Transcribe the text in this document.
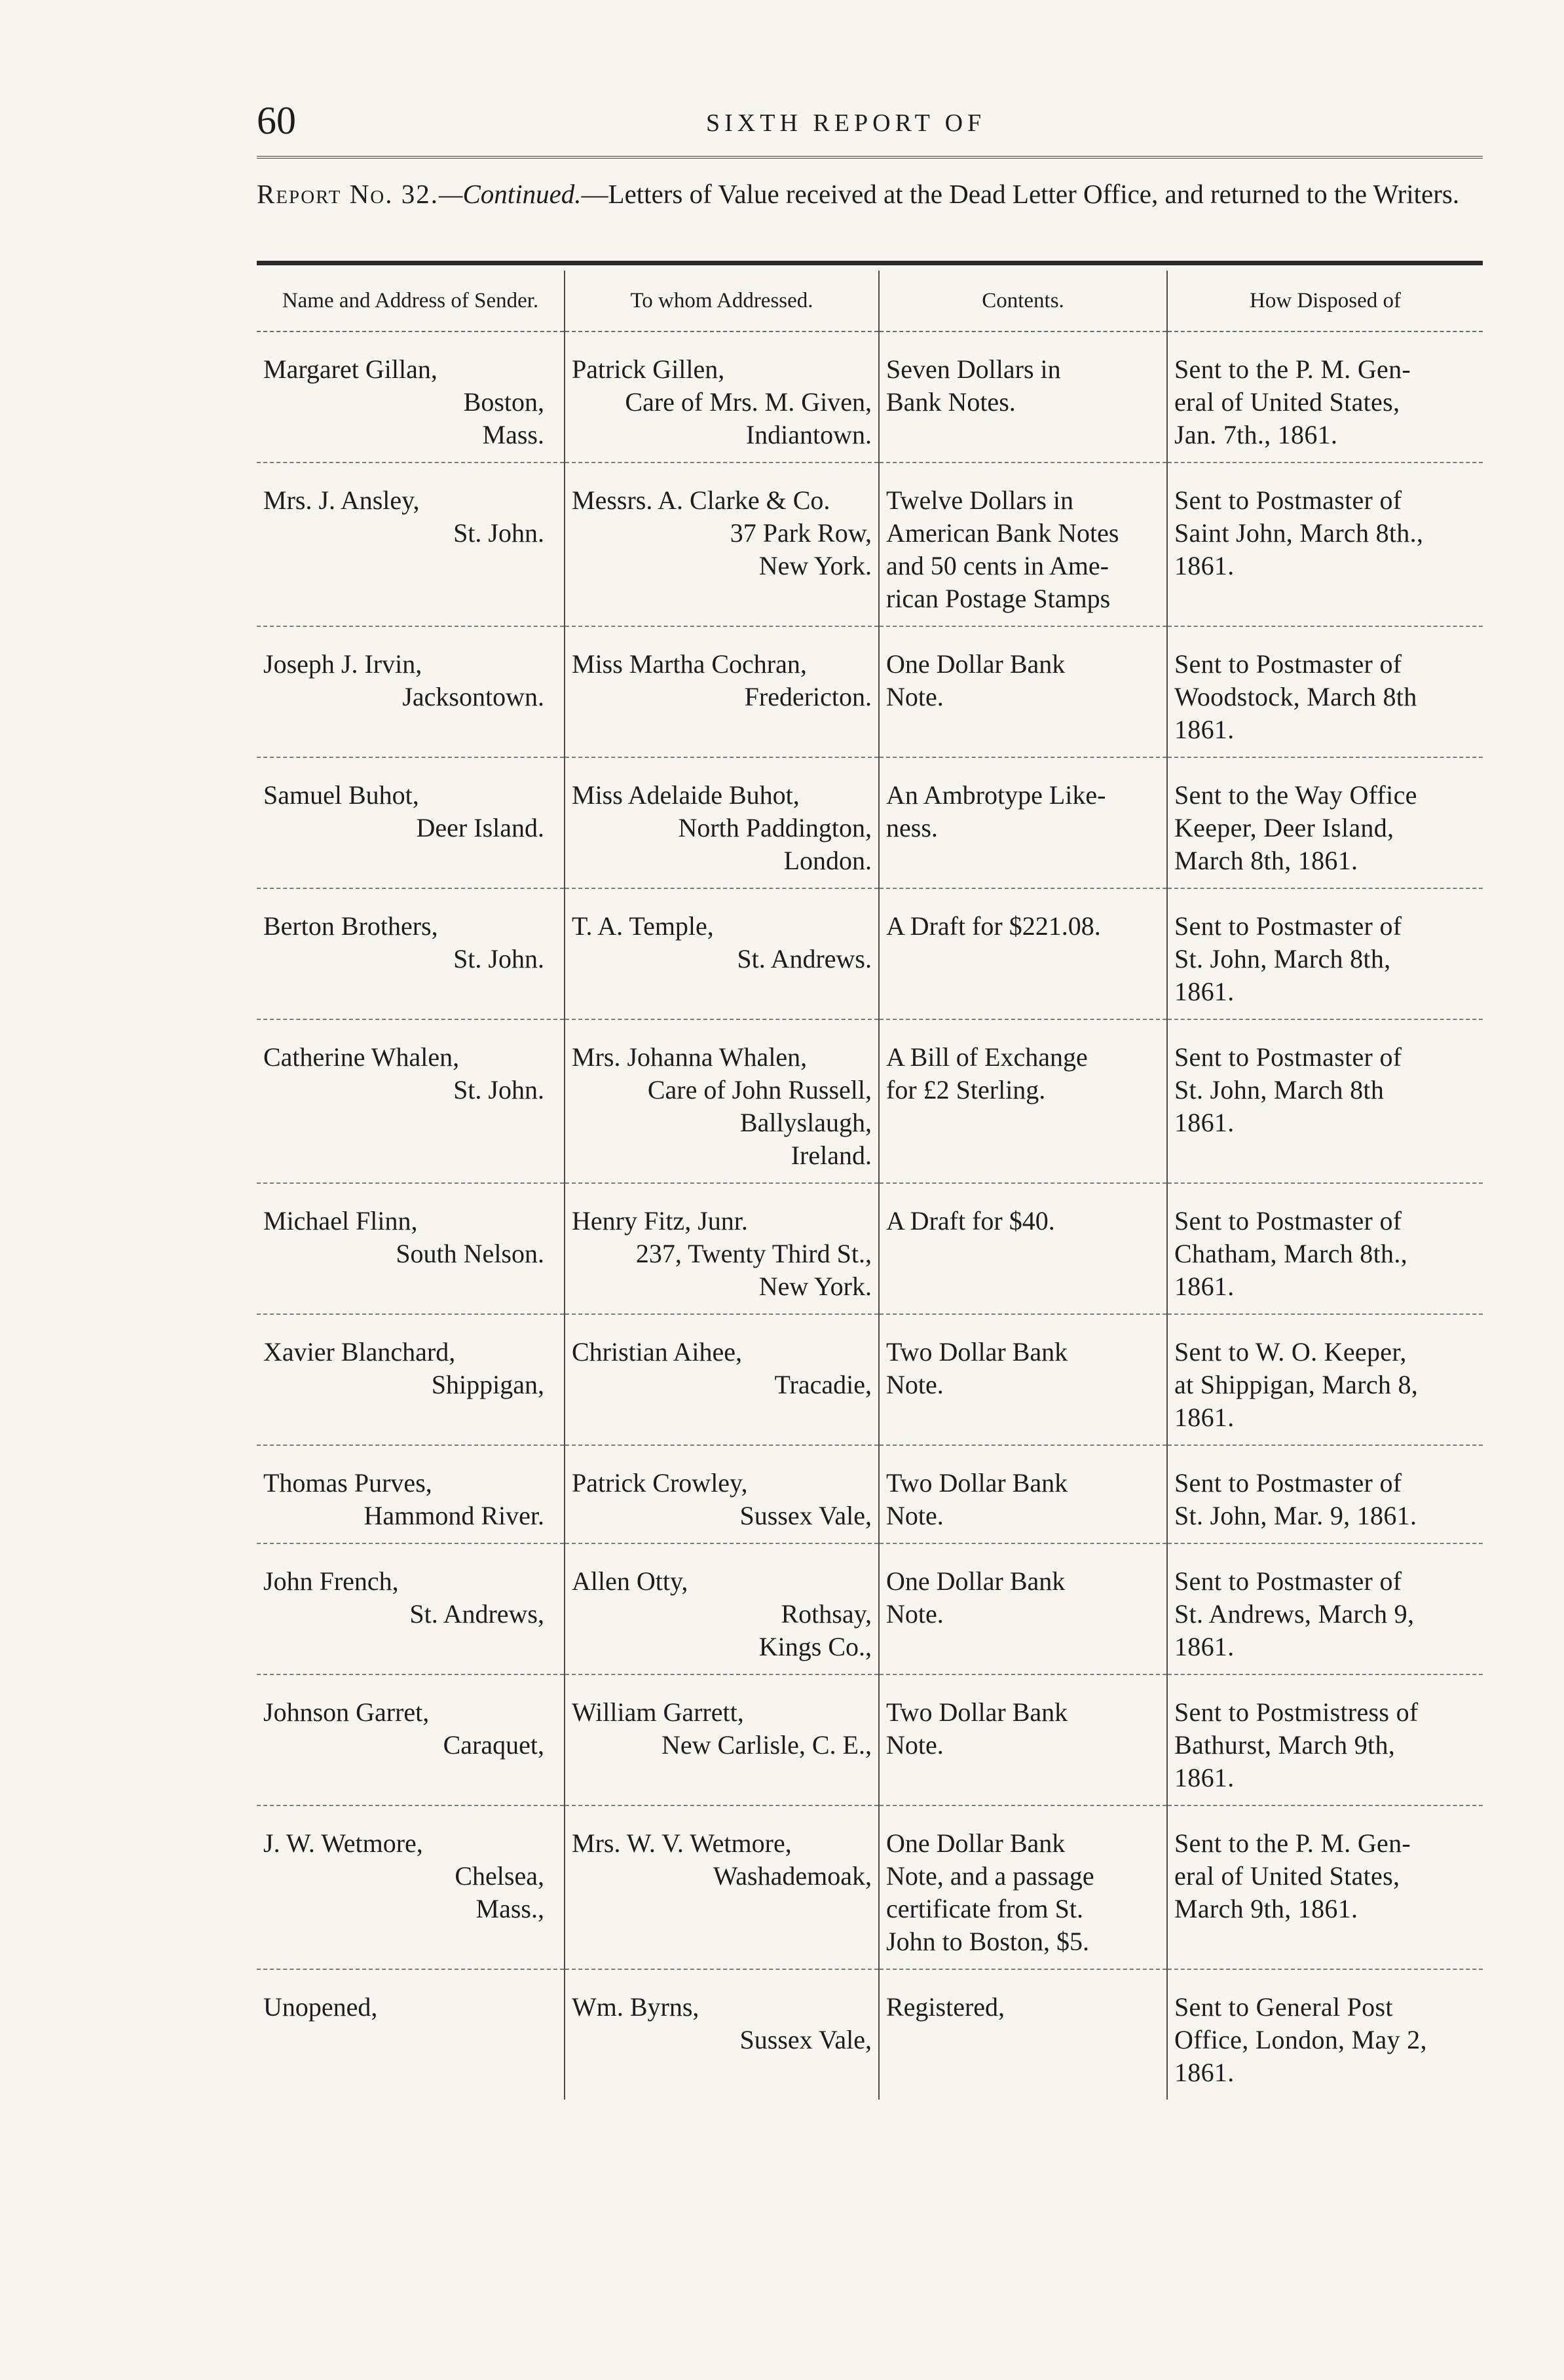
60	SIXTH REPORT OF
Report No. 32.—Continued.—Letters of Value received at the Dead Letter Office, and returned to the Writers.
Name and Address of Sender.	To whom Addressed.	Contents.	How Disposed of

Margaret Gillan,
Boston,
Mass.	Patrick Gillen,
Care of Mrs. M. Given,
Indiantown.	Seven Dollars in
Bank Notes.	Sent to the P. M. Gen-
eral of United States,
Jan. 7th., 1861.

Mrs. J. Ansley,
St. John.	Messrs. A. Clarke & Co.
37 Park Row,
New York.	Twelve Dollars in
American Bank Notes
and 50 cents in Ame-
rican Postage Stamps	Sent to Postmaster of
Saint John, March 8th.,
1861.

Joseph J. Irvin,
Jacksontown.	Miss Martha Cochran,
Fredericton.	One Dollar Bank
Note.	Sent to Postmaster of
Woodstock, March 8th
1861.

Samuel Buhot,
Deer Island.	Miss Adelaide Buhot,
North Paddington,
London.	An Ambrotype Like-
ness.	Sent to the Way Office
Keeper, Deer Island,
March 8th, 1861.

Berton Brothers,
St. John.	T. A. Temple,
St. Andrews.	A Draft for $221.08.	Sent to Postmaster of
St. John, March 8th,
1861.

Catherine Whalen,
St. John.	Mrs. Johanna Whalen,
Care of John Russell,
Ballyslaugh,
Ireland.	A Bill of Exchange
for £2 Sterling.	Sent to Postmaster of
St. John, March 8th
1861.

Michael Flinn,
South Nelson.	Henry Fitz, Junr.
237, Twenty Third St.,
New York.	A Draft for $40.	Sent to Postmaster of
Chatham, March 8th.,
1861.

Xavier Blanchard,
Shippigan,	Christian Aihee,
Tracadie,	Two Dollar Bank
Note.	Sent to W. O. Keeper,
at Shippigan, March 8,
1861.

Thomas Purves,
Hammond River.	Patrick Crowley,
Sussex Vale,	Two Dollar Bank
Note.	Sent to Postmaster of
St. John, Mar. 9, 1861.

John French,
St. Andrews,	Allen Otty,
Rothsay,
Kings Co.,	One Dollar Bank
Note.	Sent to Postmaster of
St. Andrews, March 9,
1861.

Johnson Garret,
Caraquet,	William Garrett,
New Carlisle, C. E.,	Two Dollar Bank
Note.	Sent to Postmistress of
Bathurst, March 9th,
1861.

J. W. Wetmore,
Chelsea,
Mass.,	Mrs. W. V. Wetmore,
Washademoak,	One Dollar Bank
Note, and a passage
certificate from St.
John to Boston, $5.	Sent to the P. M. Gen-
eral of United States,
March 9th, 1861.

Unopened,	Wm. Byrns,
Sussex Vale,	Registered,	Sent to General Post
Office, London, May 2,
1861.
